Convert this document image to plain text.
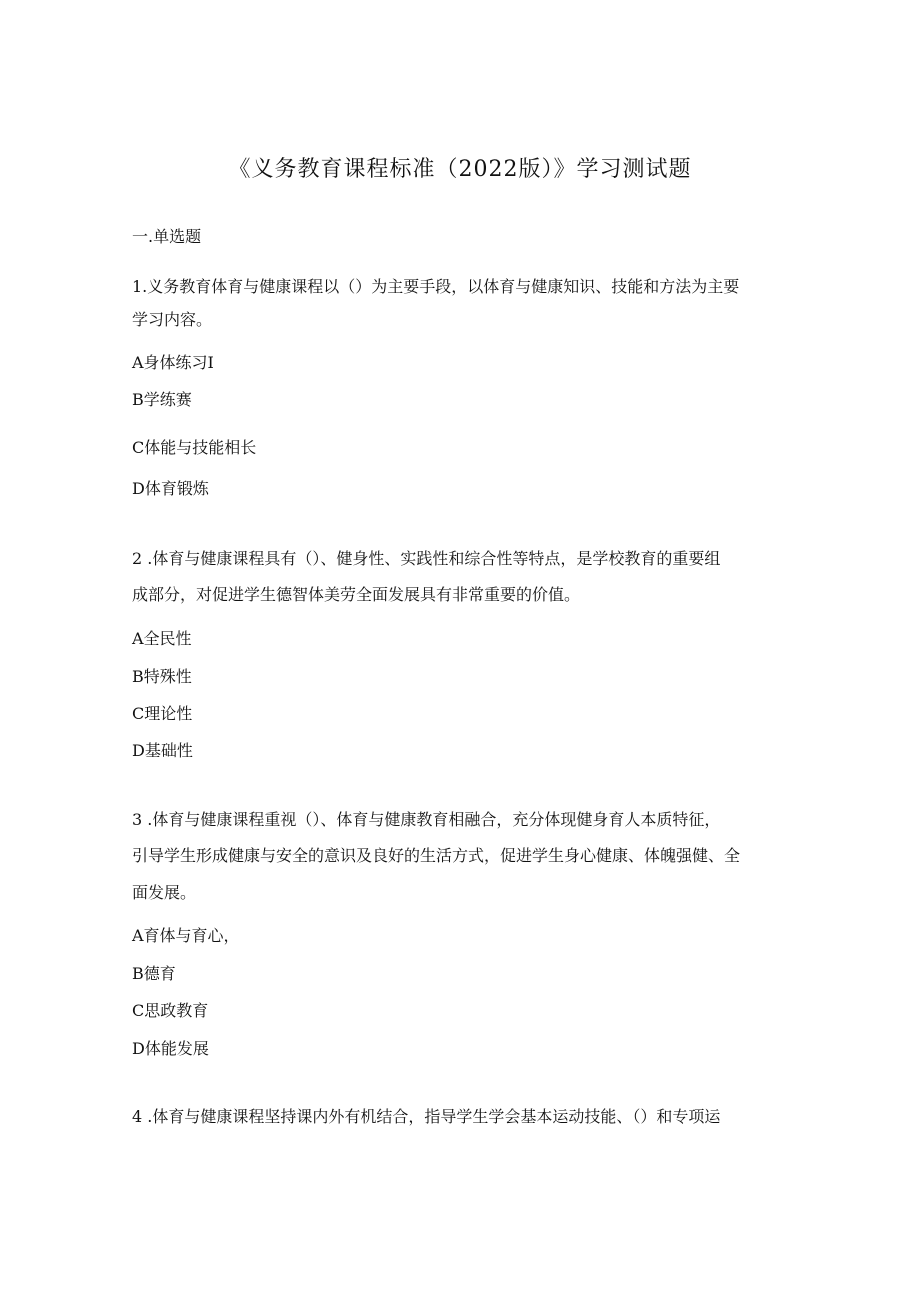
《义务教育课程标准（2022版）》学习测试题
一.单选题
1.义务教育体育与健康课程以（）为主要手段，以体育与健康知识、技能和方法为主要
学习内容。
A身体练习I
B学练赛
C体能与技能相长
D体育锻炼
2 .体育与健康课程具有（）、健身性、实践性和综合性等特点，是学校教育的重要组
成部分，对促进学生德智体美劳全面发展具有非常重要的价值。
A全民性
B特殊性
C理论性
D基础性
3 .体育与健康课程重视（）、体育与健康教育相融合，充分体现健身育人本质特征，
引导学生形成健康与安全的意识及良好的生活方式，促进学生身心健康、体魄强健、全
面发展。
A育体与育心，
B德育
C思政教育
D体能发展
4 .体育与健康课程坚持课内外有机结合，指导学生学会基本运动技能、（）和专项运
